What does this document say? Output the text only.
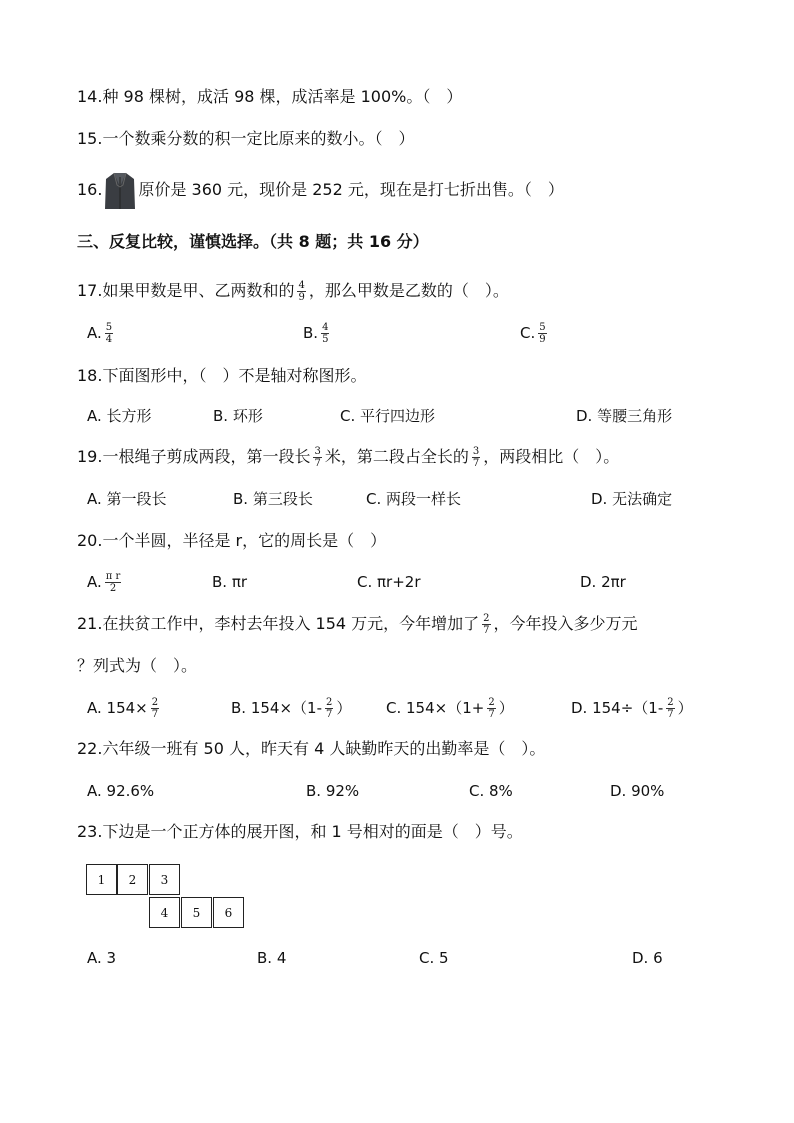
14.种 98 棵树，成活 98 棵，成活率是 100%。（　）
15.一个数乘分数的积一定比原来的数小。（　）
16. 原价是 360 元，现价是 252 元，现在是打七折出售。（　）
三、反复比较，谨慎选择。（共 8 题；共 16 分）
17.如果甲数是甲、乙两数和的 $\frac{4}{9}$ ，那么甲数是乙数的（　）。
A. $\frac{5}{4}$	B. $\frac{4}{5}$	C. $\frac{5}{9}$
18.下面图形中，（　）不是轴对称图形。
A. 长方形	B. 环形	C. 平行四边形	D. 等腰三角形
19.一根绳子剪成两段，第一段长 $\frac{3}{7}$ 米，第二段占全长的 $\frac{3}{7}$ ，两段相比（　）。
A. 第一段长	B. 第三段长	C. 两段一样长	D. 无法确定
20.一个半圆，半径是 r，它的周长是（　）
A. $\frac{\text{π r}}{2}$	B. πr	C. πr+2r	D. 2πr
21.在扶贫工作中，李村去年投入 154 万元，今年增加了 $\frac{2}{7}$ ，今年投入多少万元
？列式为（　）。
A. $154\times \frac{2}{7}$	B. $154\times(1- \frac{2}{7}$ ） C. $154\times(1+ \frac{2}{7}$ ）	D. $154\div(1- \frac{2}{7}$ ）
22.六年级一班有 50 人，昨天有 4 人缺勤昨天的出勤率是（　）。
A. 92.6%	B. 92%	C. 8%	D. 90%
23.下边是一个正方体的展开图，和 1 号相对的面是（　）号。
1	2	3
4	5	6
A. 3	B. 4	C. 5	D. 6
